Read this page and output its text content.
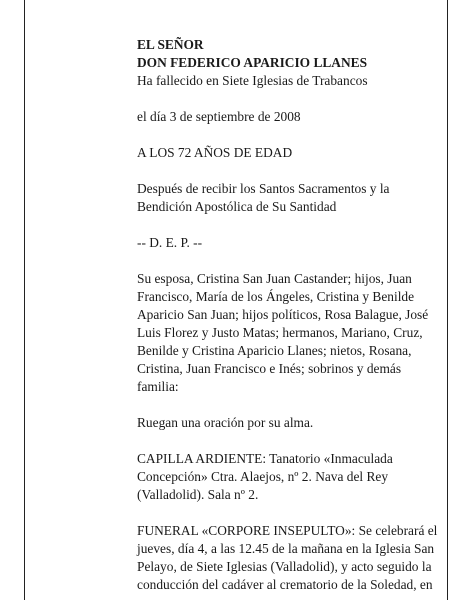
EL SEÑOR
DON FEDERICO APARICIO LLANES
Ha fallecido en Siete Iglesias de Trabancos
el día 3 de septiembre de 2008
A LOS 72 AÑOS DE EDAD
Después de recibir los Santos Sacramentos y la
Bendición Apostólica de Su Santidad
-- D. E. P. --
Su esposa, Cristina San Juan Castander; hijos, Juan
Francisco, María de los Ángeles, Cristina y Benilde
Aparicio San Juan; hijos políticos, Rosa Balague, José
Luis Florez y Justo Matas; hermanos, Mariano, Cruz,
Benilde y Cristina Aparicio Llanes; nietos, Rosana,
Cristina, Juan Francisco e Inés; sobrinos y demás
familia:
Ruegan una oración por su alma.
CAPILLA ARDIENTE: Tanatorio «Inmaculada
Concepción» Ctra. Alaejos, nº 2. Nava del Rey
(Valladolid). Sala nº 2.
FUNERAL «CORPORE INSEPULTO»: Se celebrará el
jueves, día 4, a las 12.45 de la mañana en la Iglesia San
Pelayo, de Siete Iglesias (Valladolid), y acto seguido la
conducción del cadáver al crematorio de la Soledad, en
